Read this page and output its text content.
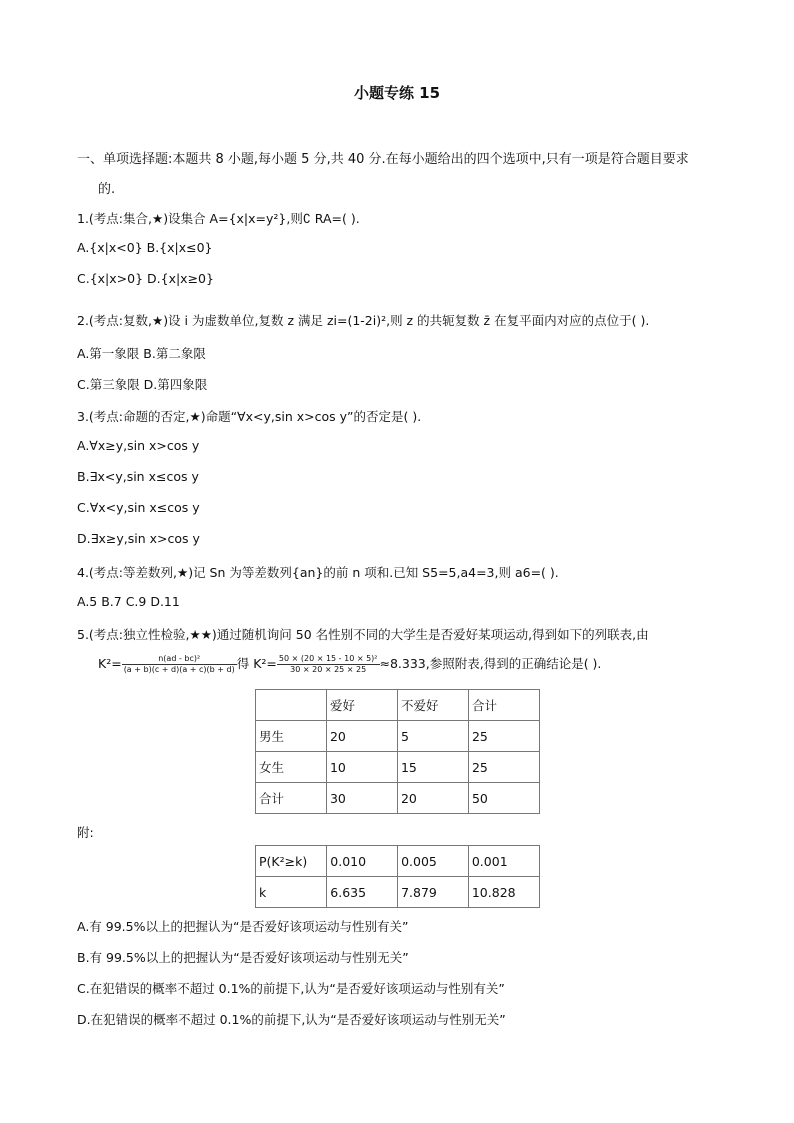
小题专练 15
一、单项选择题:本题共 8 小题,每小题 5 分,共 40 分.在每小题给出的四个选项中,只有一项是符合题目要求
的.
1.(考点:集合,★)设集合 A={x|x=y²},则∁ RA=( ).
A.{x|x<0} B.{x|x≤0}
C.{x|x>0} D.{x|x≥0}
2.(考点:复数,★)设 i 为虚数单位,复数 z 满足 zi=(1-2i)²,则 z 的共轭复数 z̄ 在复平面内对应的点位于( ).
A.第一象限 B.第二象限
C.第三象限 D.第四象限
3.(考点:命题的否定,★)命题“∀x<y,sin x>cos y”的否定是( ).
A.∀x≥y,sin x>cos y
B.∃x<y,sin x≤cos y
C.∀x<y,sin x≤cos y
D.∃x≥y,sin x>cos y
4.(考点:等差数列,★)记 Sn 为等差数列{an}的前 n 项和.已知 S5=5,a4=3,则 a6=( ).
A.5 B.7 C.9 D.11
5.(考点:独立性检验,★★)通过随机询问 50 名性别不同的大学生是否爱好某项运动,得到如下的列联表,由
$K^2= \frac{\text{n(ad - bc)²}}{(a + b)(c + d)(a + c)(b + d)}$ 得 $K^2= \frac{\text{50 × (20 × 15 - 10 × 5)²}}{30 \times 20 \times 25 \times 25} \approx 8.333$,参照附表,得到的正确结论是( ).
	爱好	不爱好	合计
男生	20	5	25
女生	10	15	25
合计	30	20	50
附:
P(K²≥k)	0.010	0.005	0.001
k	6.635	7.879	10.828
A.有 99.5%以上的把握认为“是否爱好该项运动与性别有关”
B.有 99.5%以上的把握认为“是否爱好该项运动与性别无关”
C.在犯错误的概率不超过 0.1%的前提下,认为“是否爱好该项运动与性别有关”
D.在犯错误的概率不超过 0.1%的前提下,认为“是否爱好该项运动与性别无关”
